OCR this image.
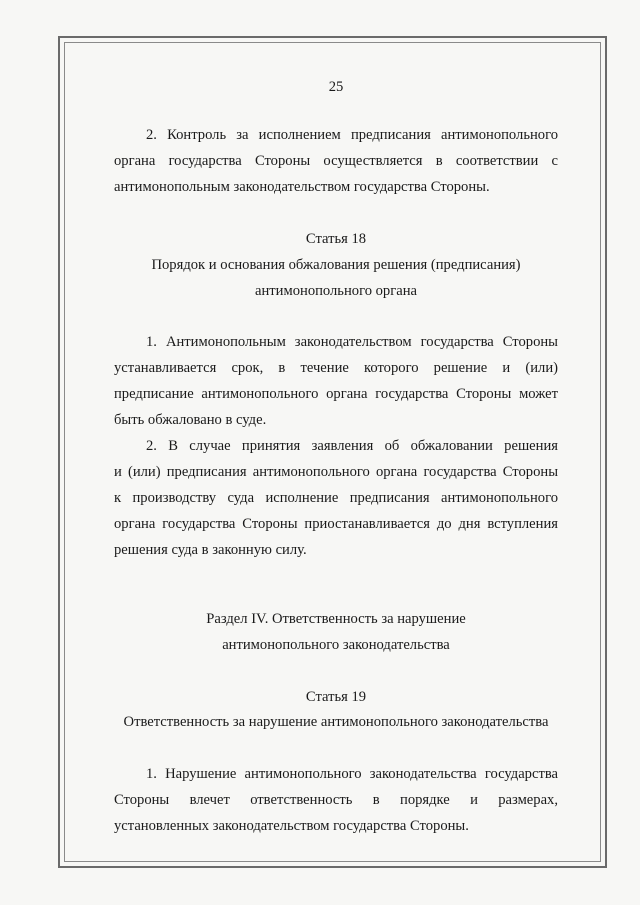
25
2. Контроль за исполнением предписания антимонопольного
органа государства Стороны осуществляется в соответствии с
антимонопольным законодательством государства Стороны.
Статья 18
Порядок и основания обжалования решения (предписания)
антимонопольного органа
1. Антимонопольным законодательством государства Стороны
устанавливается срок, в течение которого решение и (или)
предписание антимонопольного органа государства Стороны может
быть обжаловано в суде.
2. В случае принятия заявления об обжаловании решения
и (или) предписания антимонопольного органа государства Стороны
к производству суда исполнение предписания антимонопольного
органа государства Стороны приостанавливается до дня вступления
решения суда в законную силу.
Раздел IV. Ответственность за нарушение
антимонопольного законодательства
Статья 19
Ответственность за нарушение антимонопольного законодательства
1. Нарушение антимонопольного законодательства государства
Стороны влечет ответственность в порядке и размерах,
установленных законодательством государства Стороны.
